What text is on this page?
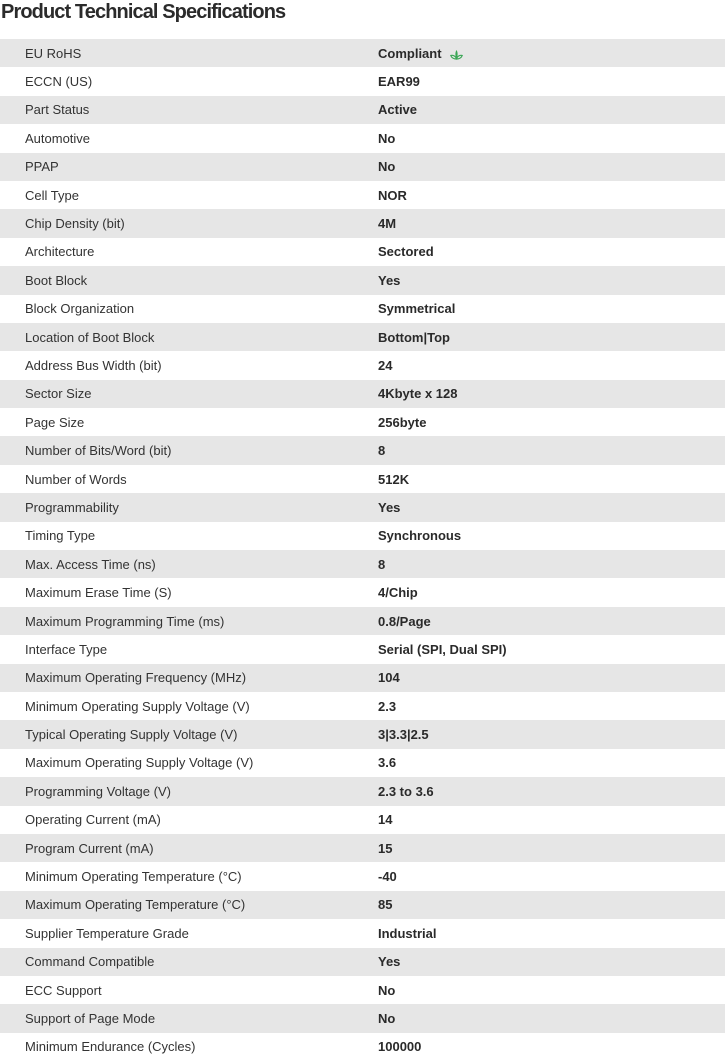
Product Technical Specifications
EU RoHS	Compliant
ECCN (US)	EAR99
Part Status	Active
Automotive	No
PPAP	No
Cell Type	NOR
Chip Density (bit)	4M
Architecture	Sectored
Boot Block	Yes
Block Organization	Symmetrical
Location of Boot Block	Bottom|Top
Address Bus Width (bit)	24
Sector Size	4Kbyte x 128
Page Size	256byte
Number of Bits/Word (bit)	8
Number of Words	512K
Programmability	Yes
Timing Type	Synchronous
Max. Access Time (ns)	8
Maximum Erase Time (S)	4/Chip
Maximum Programming Time (ms)	0.8/Page
Interface Type	Serial (SPI, Dual SPI)
Maximum Operating Frequency (MHz)	104
Minimum Operating Supply Voltage (V)	2.3
Typical Operating Supply Voltage (V)	3|3.3|2.5
Maximum Operating Supply Voltage (V)	3.6
Programming Voltage (V)	2.3 to 3.6
Operating Current (mA)	14
Program Current (mA)	15
Minimum Operating Temperature (°C)	-40
Maximum Operating Temperature (°C)	85
Supplier Temperature Grade	Industrial
Command Compatible	Yes
ECC Support	No
Support of Page Mode	No
Minimum Endurance (Cycles)	100000
